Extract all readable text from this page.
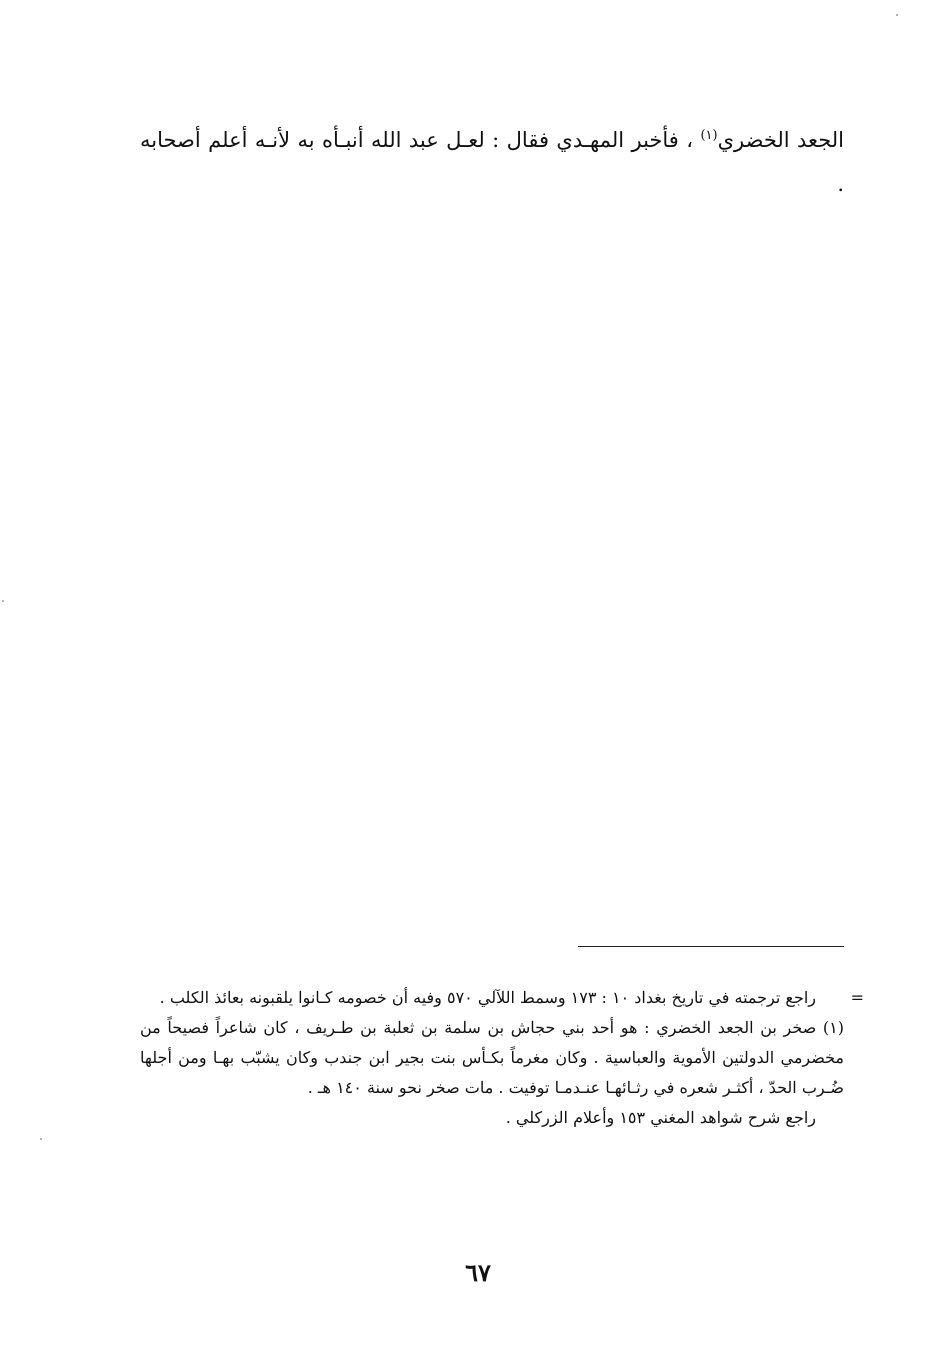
الجعد الخضري$^{(١)}$ ، فأخبر المهـدي فقال : لعـل عبد الله أنبـأه به لأنـه أعلم أصحابه .

=
راجع ترجمته في تاريخ بغداد ١٠ : ١٧٣ وسمط اللآلي ٥٧٠ وفيه أن خصومه كـانوا يلقبونه بعائذ الكلب .

(١) صخر بن الجعد الخضري : هو أحد بني حجاش بن سلمة بن ثعلبة بن طـريف ، كان شاعراً فصيحاً من مخضرمي الدولتين الأموية والعباسية . وكان مغرماً بكـأس بنت بجير ابن جندب وكان يشبّب بهـا ومن أجلها ضُـرب الحدّ ، أكثـر شعره في رثـائهـا عنـدمـا توفيت . مات صخر نحو سنة ١٤٠ هـ .

راجع شرح شواهد المغني ١٥٣ وأعلام الزركلي .

٦٧
